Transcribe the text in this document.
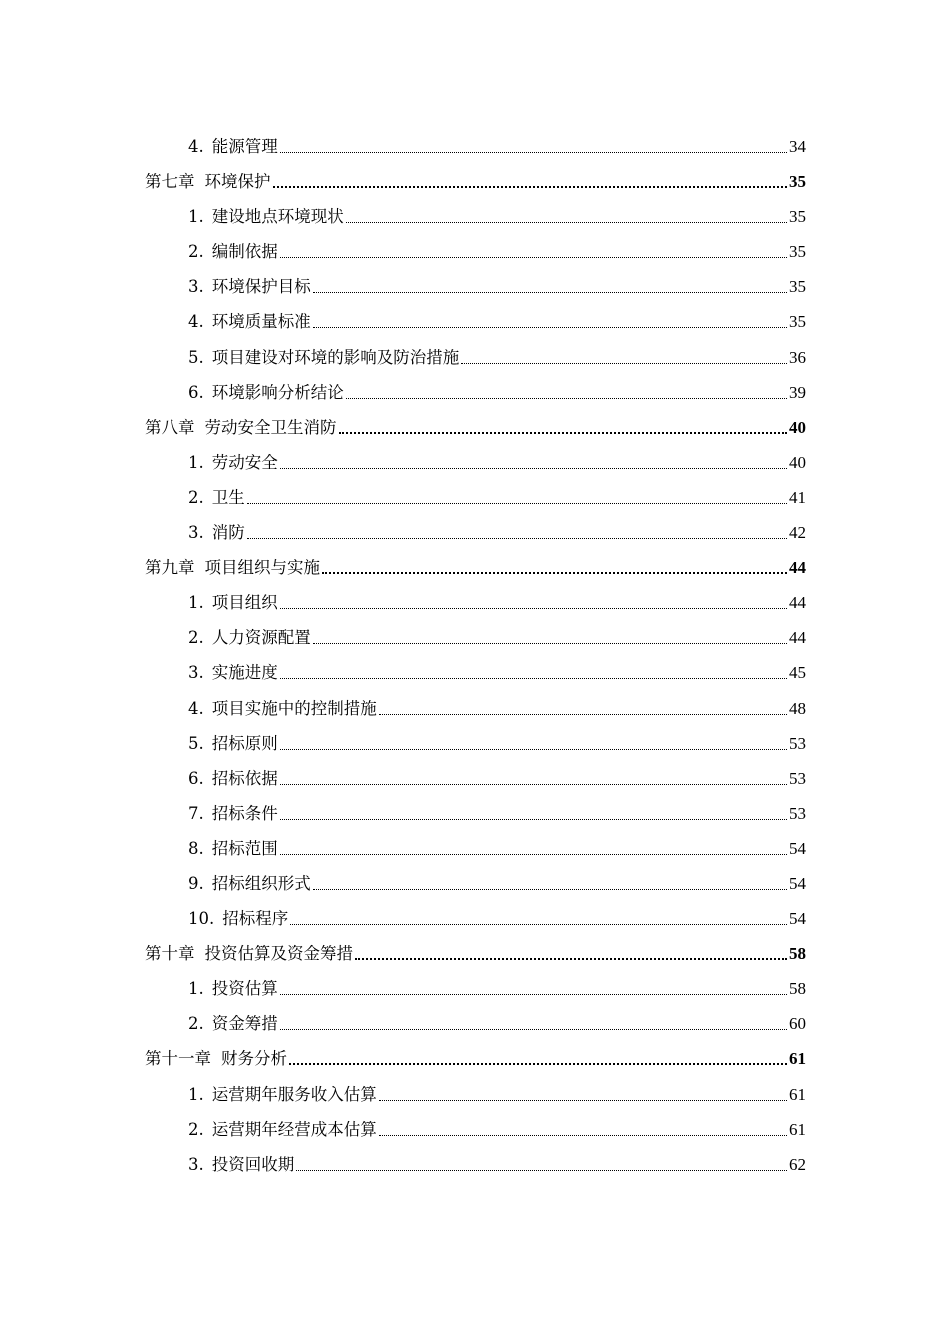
4. 能源管理	34
第七章 环境保护	35
1. 建设地点环境现状	35
2. 编制依据	35
3. 环境保护目标	35
4. 环境质量标准	35
5. 项目建设对环境的影响及防治措施	36
6. 环境影响分析结论	39
第八章 劳动安全卫生消防	40
1. 劳动安全	40
2. 卫生	41
3. 消防	42
第九章 项目组织与实施	44
1. 项目组织	44
2. 人力资源配置	44
3. 实施进度	45
4. 项目实施中的控制措施	48
5. 招标原则	53
6. 招标依据	53
7. 招标条件	53
8. 招标范围	54
9. 招标组织形式	54
10. 招标程序	54
第十章 投资估算及资金筹措	58
1. 投资估算	58
2. 资金筹措	60
第十一章 财务分析	61
1. 运营期年服务收入估算	61
2. 运营期年经营成本估算	61
3. 投资回收期	62
